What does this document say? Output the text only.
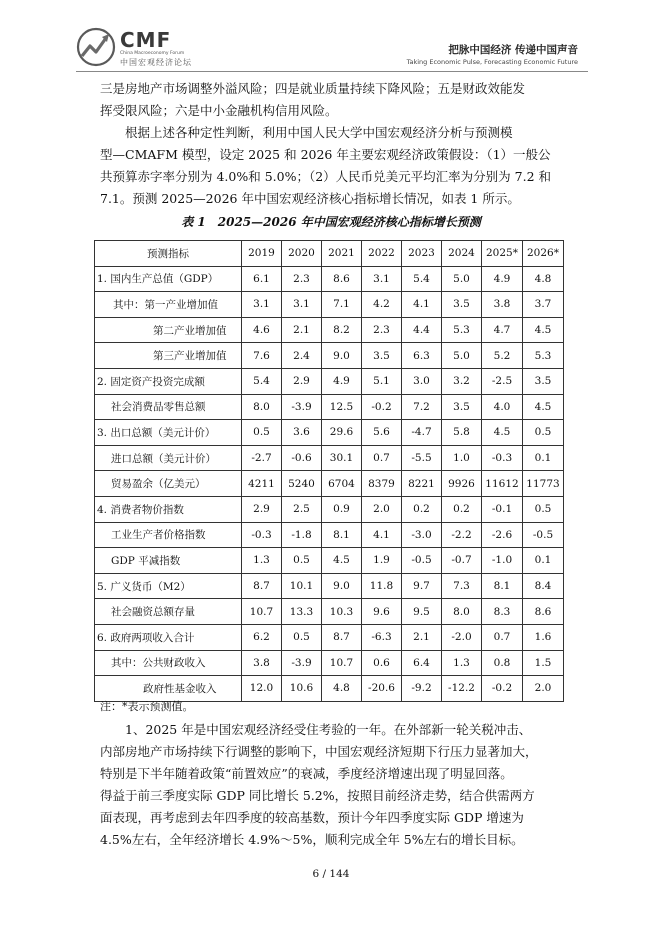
CMF
China Macroeconomy Forum
中国宏观经济论坛
把脉中国经济 传递中国声音
Taking Economic Pulse, Forecasting Economic Future
三是房地产市场调整外溢风险；四是就业质量持续下降风险；五是财政效能发
挥受限风险；六是中小金融机构信用风险。
根据上述各种定性判断，利用中国人民大学中国宏观经济分析与预测模
型—CMAFM 模型，设定 2025 和 2026 年主要宏观经济政策假设：（1）一般公
共预算赤字率分别为 4.0%和 5.0%；（2）人民币兑美元平均汇率为分别为 7.2 和
7.1。预测 2025—2026 年中国宏观经济核心指标增长情况，如表 1 所示。
表 1　2025—2026 年中国宏观经济核心指标增长预测
预测指标	2019	2020	2021	2022	2023	2024	2025*	2026*
1. 国内生产总值（GDP）	6.1	2.3	8.6	3.1	5.4	5.0	4.9	4.8
其中：第一产业增加值	3.1	3.1	7.1	4.2	4.1	3.5	3.8	3.7
第二产业增加值	4.6	2.1	8.2	2.3	4.4	5.3	4.7	4.5
第三产业增加值	7.6	2.4	9.0	3.5	6.3	5.0	5.2	5.3
2. 固定资产投资完成额	5.4	2.9	4.9	5.1	3.0	3.2	-2.5	3.5
社会消费品零售总额	8.0	-3.9	12.5	-0.2	7.2	3.5	4.0	4.5
3. 出口总额（美元计价）	0.5	3.6	29.6	5.6	-4.7	5.8	4.5	0.5
进口总额（美元计价）	-2.7	-0.6	30.1	0.7	-5.5	1.0	-0.3	0.1
贸易盈余（亿美元）	4211	5240	6704	8379	8221	9926	11612	11773
4. 消费者物价指数	2.9	2.5	0.9	2.0	0.2	0.2	-0.1	0.5
工业生产者价格指数	-0.3	-1.8	8.1	4.1	-3.0	-2.2	-2.6	-0.5
GDP 平减指数	1.3	0.5	4.5	1.9	-0.5	-0.7	-1.0	0.1
5. 广义货币（M2）	8.7	10.1	9.0	11.8	9.7	7.3	8.1	8.4
社会融资总额存量	10.7	13.3	10.3	9.6	9.5	8.0	8.3	8.6
6. 政府两项收入合计	6.2	0.5	8.7	-6.3	2.1	-2.0	0.7	1.6
其中：公共财政收入	3.8	-3.9	10.7	0.6	6.4	1.3	0.8	1.5
政府性基金收入	12.0	10.6	4.8	-20.6	-9.2	-12.2	-0.2	2.0
注：*表示预测值。
1、2025 年是中国宏观经济经受住考验的一年。在外部新一轮关税冲击、
内部房地产市场持续下行调整的影响下，中国宏观经济短期下行压力显著加大，
特别是下半年随着政策“前置效应”的衰减，季度经济增速出现了明显回落。
得益于前三季度实际 GDP 同比增长 5.2%，按照目前经济走势，结合供需两方
面表现，再考虑到去年四季度的较高基数，预计今年四季度实际 GDP 增速为
4.5%左右，全年经济增长 4.9%～5%，顺利完成全年 5%左右的增长目标。
6 / 144
